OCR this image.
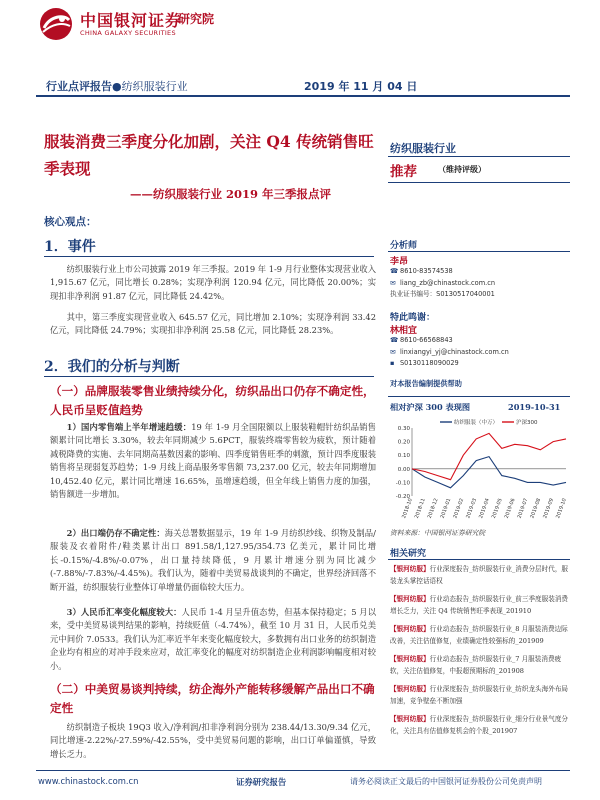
中国银河证券
研究院
CHINA GALAXY SECURITIES
行业点评报告●纺织服装行业	2019 年 11 月 04 日
服装消费三季度分化加剧，关注 Q4 传统销售旺季表现
——纺织服装行业 2019 年三季报点评
核心观点：
1．事件
纺织服装行业上市公司披露 2019 年三季报。2019 年 1-9 月行业整体实现营业收入 1,915.67 亿元，同比增长 0.28%；实现净利润 120.94 亿元，同比降低 20.00%；实现扣非净利润 91.87 亿元，同比降低 24.42%。
其中，第三季度实现营业收入 645.57 亿元，同比增加 2.10%；实现净利润 33.42 亿元，同比降低 24.79%；实现扣非净利润 25.58 亿元，同比降低 28.23%。
2．我们的分析与判断
（一）品牌服装零售业绩持续分化，纺织品出口仍存不确定性，人民币呈贬值趋势
1）国内零售端上半年增速趋缓：19 年 1-9 月全国限额以上服装鞋帽针纺织品销售额累计同比增长 3.30%，较去年同期减少 5.6PCT，服装终端零售较为疲软，预计随着减税降费的实施、去年同期高基数因素的影响、四季度销售旺季的刺激，预计四季度服装销售将呈现弱复苏趋势；1-9 月线上商品服务零售额 73,237.00 亿元，较去年同期增加 10,452.40 亿元，累计同比增速 16.65%，虽增速趋缓，但全年线上销售力度的加强，销售额进一步增加。
2）出口端仍存不确定性：海关总署数据显示，19 年 1-9 月纺织纱线、织物及制品/服装及衣着附件/鞋类累计出口 891.58/1,127.95/354.73 亿美元，累计同比增长-0.15%/-4.8%/-0.07%，出口量持续降低，9 月累计增速分别为同比减少 (-7.88%/-7.83%/-4.45%)。我们认为，随着中美贸易战谈判的不确定，世界经济回落不断开溢，纺织服装行业整体订单增量仍面临较大压力。
3）人民币汇率变化幅度较大：人民币 1-4 月呈升值态势，但基本保持稳定；5 月以来，受中美贸易谈判结果的影响，持续贬值（-4.74%），截至 10 月 31 日，人民币兑美元中间价 7.0533。我们认为汇率近半年来变化幅度较大，多数拥有出口业务的纺织制造企业均有相应的对冲手段来应对，故汇率变化的幅度对纺织制造企业利润影响幅度相对较小。
（二）中美贸易谈判持续，纺企海外产能转移缓解产品出口不确定性
纺织制造子板块 19Q3 收入/净利润/扣非净利润分别为 238.44/13.30/9.34 亿元，同比增速-2.22%/-27.59%/-42.55%，受中美贸易问题的影响，出口订单偏谨慎，导致增长乏力。
纺织服装行业
推荐	（维持评级）
分析师
李昂
☎ 8610-83574538
✉ liang_zb@chinastock.com.cn
执业证书编号：S0130517040001
特此鸣谢：
林相宜
☎ 8610-66568843
✉ linxiangyi_yj@chinastock.com.cn
▪ S0130118090029
对本报告编制提供帮助
相对沪深 300 表现图	2019-10-31
0.30
0.20
0.10
0.00
-0.10
-0.20
2018-10 2018-11 2018-12 2019-01 2019-02 2019-03 2019-04 2019-05 2019-06 2019-07 2019-08 2019-09 2019-10
纺织服装（中万）	沪深300
资料来源：中国银河证券研究院
相关研究
【银河纺服】行业深度报告_纺织服装行业_消费分层时代，服装龙头掌控话语权
【银河纺服】行业动态报告_纺织服装行业_前三季度服装消费增长乏力，关注 Q4 传统销售旺季表现_201910
【银河纺服】行业动态报告_纺织服装行业_8 月服装消费边际改善，关注估值修复，业绩确定性较强标的_201909
【银河纺服】行业动态报告_纺织服装行业_7 月服装消费疲软，关注估值修复，中报超预期标的_201908
【银河纺服】行业深度报告_纺织服装行业_纺织龙头海外布局加速，竞争壁垒不断加强
【银河纺服】行业深度报告_纺织服装行业_细分行业景气度分化，关注具有估值修复机会的个股_201907
www.chinastock.com.cn	证券研究报告	请务必阅读正文最后的中国银河证券股份公司免责声明
